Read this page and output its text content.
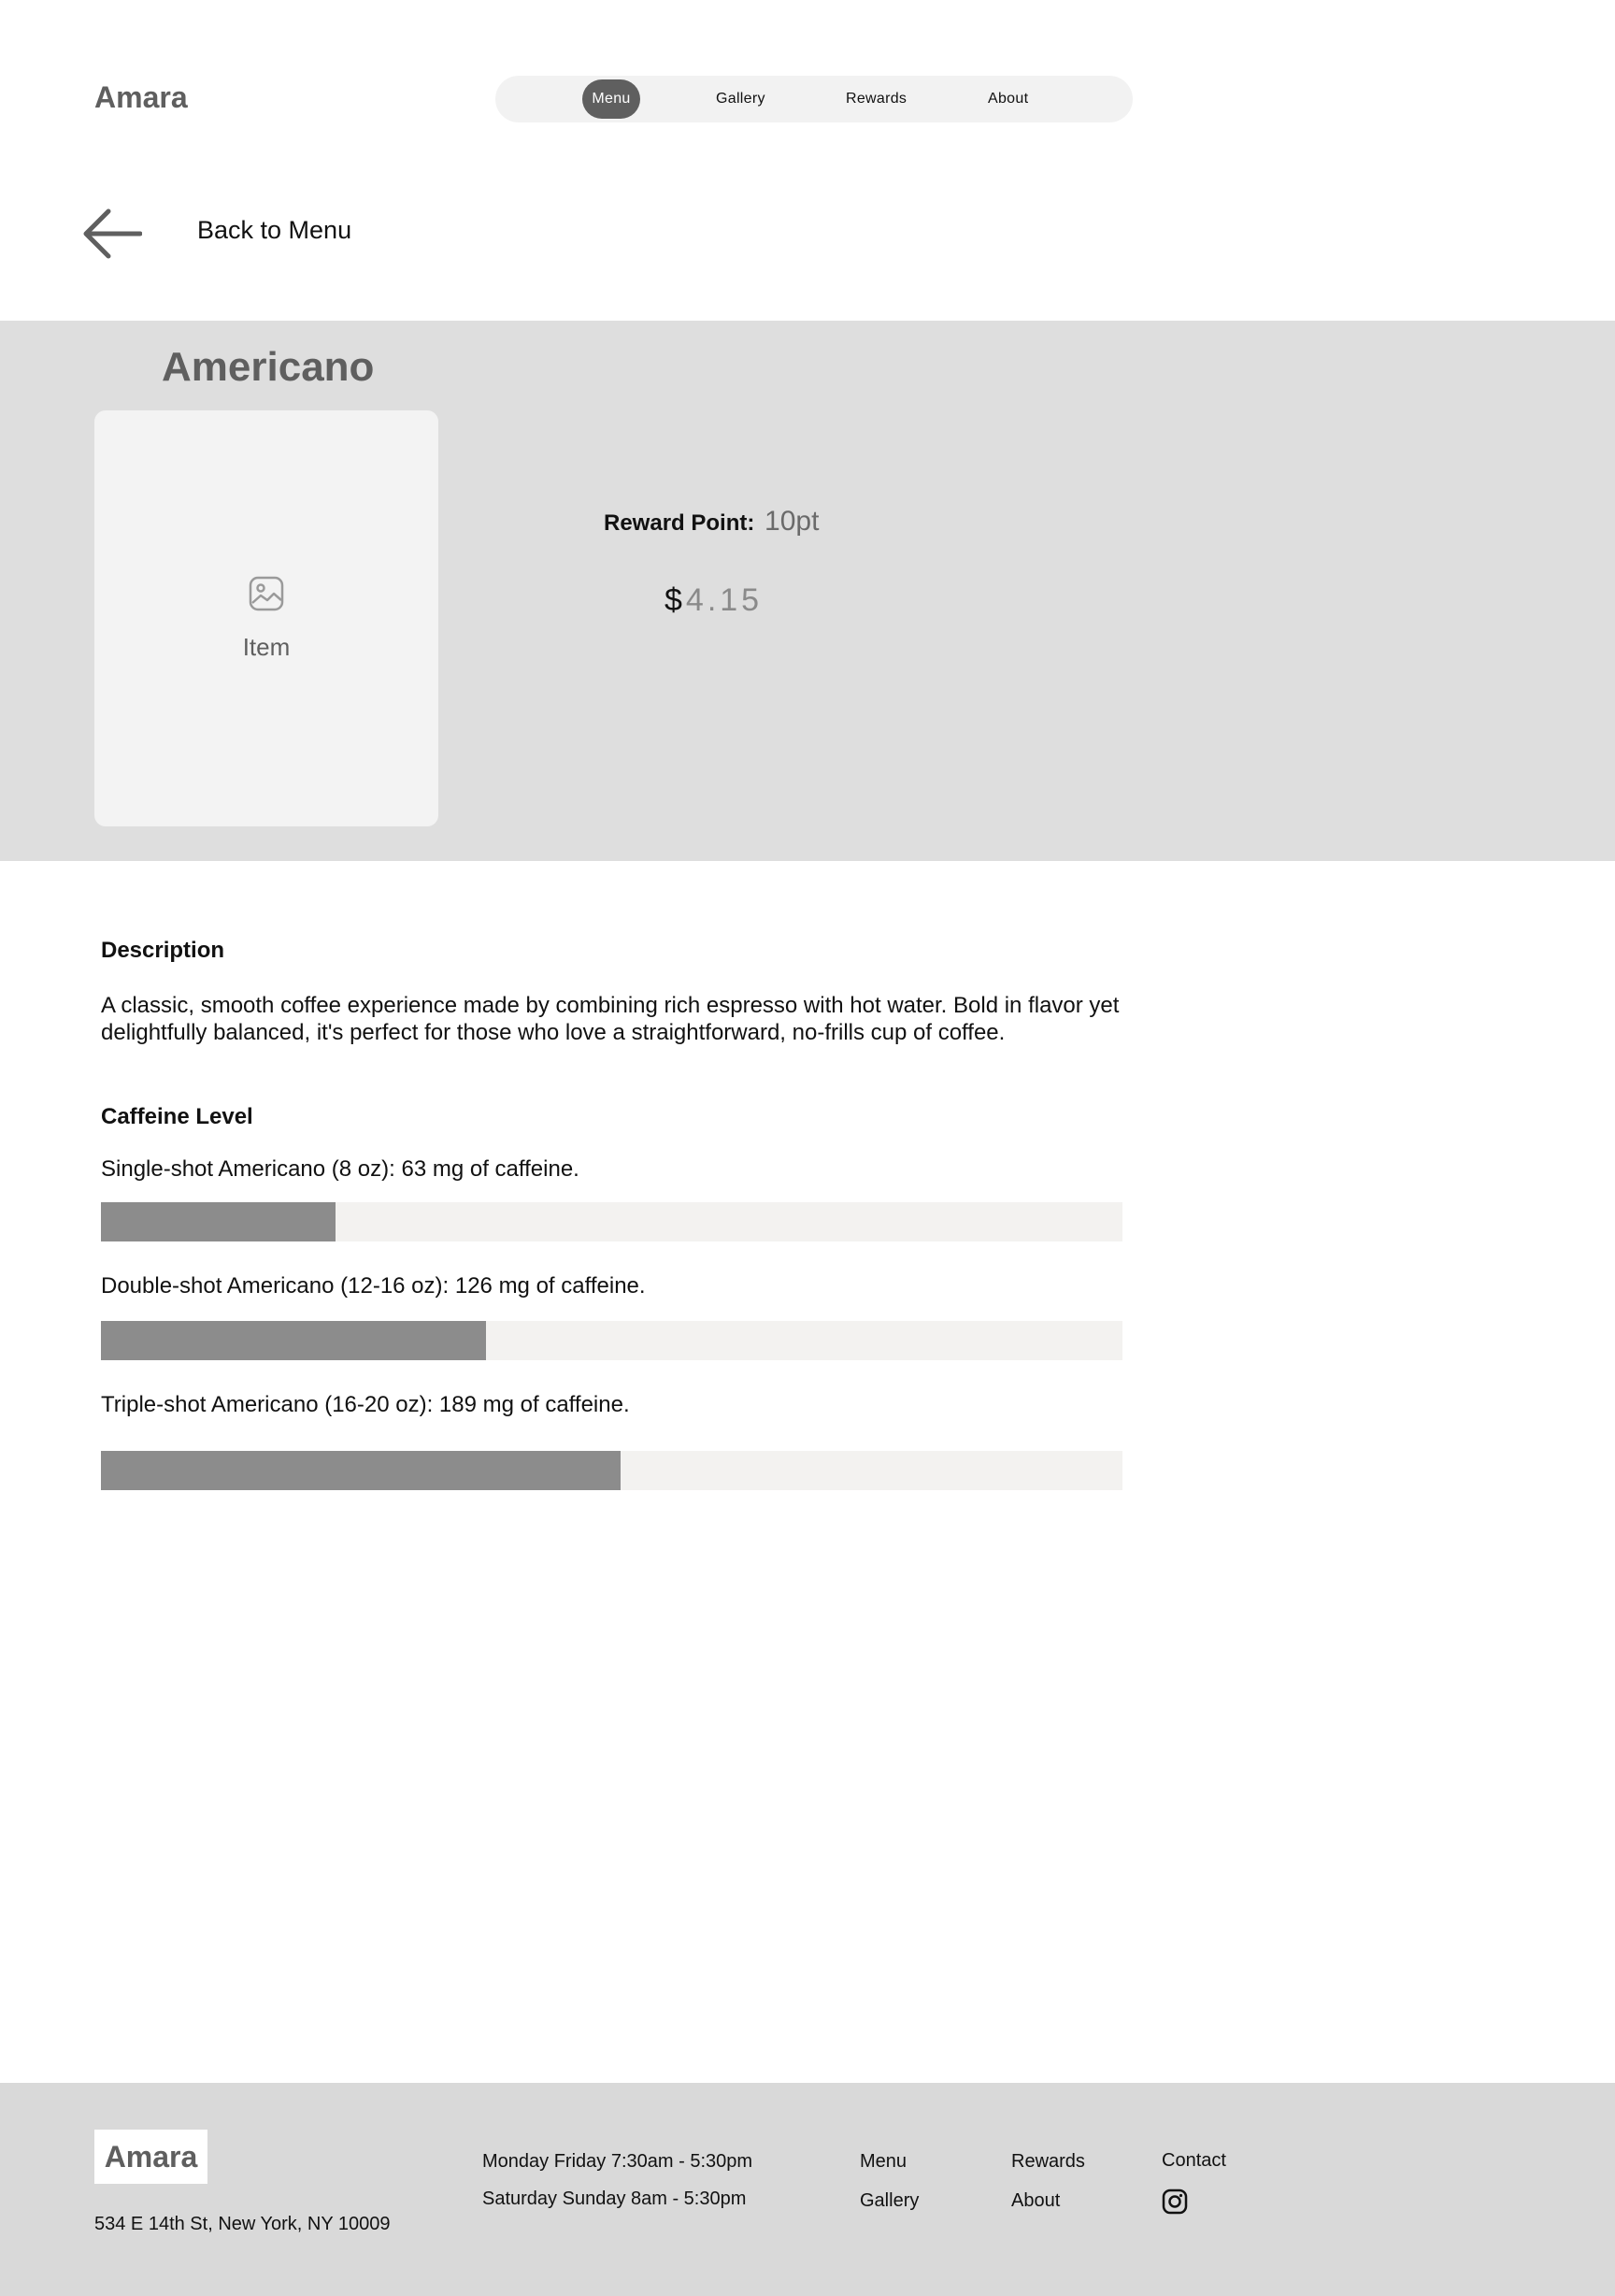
Amara	Menu	Gallery	Rewards	About
Back to Menu
Americano
Item
Reward Point: 10pt
$ 4.15
Description
A classic, smooth coffee experience made by combining rich espresso with hot water. Bold in flavor yet delightfully balanced, it's perfect for those who love a straightforward, no-frills cup of coffee.
Caffeine Level
Single-shot Americano (8 oz): 63 mg of caffeine.
Double-shot Americano (12-16 oz): 126 mg of caffeine.
Triple-shot Americano (16-20 oz): 189 mg of caffeine.
Amara
534 E 14th St, New York, NY 10009
Monday Friday 7:30am - 5:30pm
Saturday Sunday 8am - 5:30pm
Menu
Gallery
Rewards
About
Contact
